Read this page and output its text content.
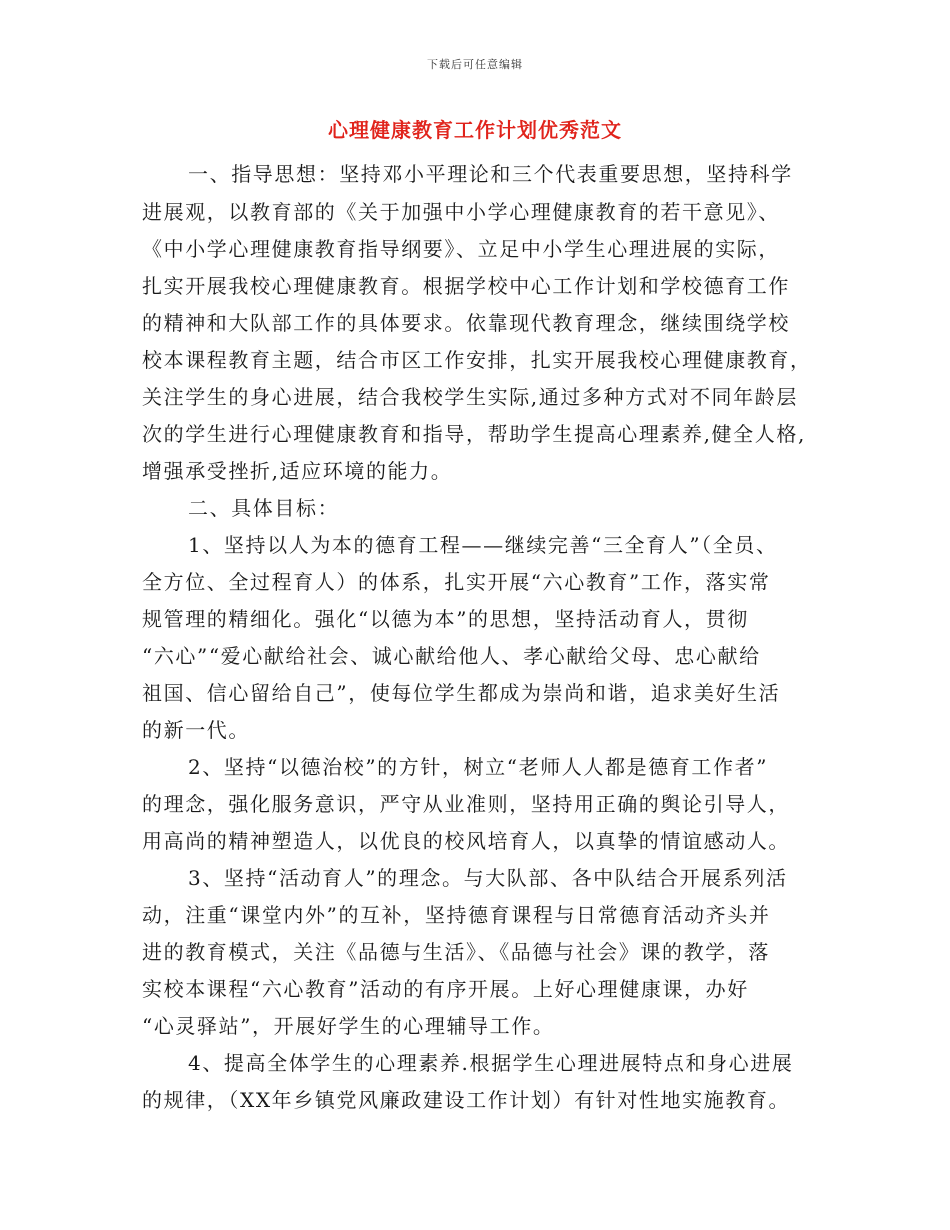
下载后可任意编辑
心理健康教育工作计划优秀范文
一、指导思想：坚持邓小平理论和三个代表重要思想，坚持科学
进展观，以教育部的《关于加强中小学心理健康教育的若干意见》、
《中小学心理健康教育指导纲要》、立足中小学生心理进展的实际，
扎实开展我校心理健康教育。根据学校中心工作计划和学校德育工作
的精神和大队部工作的具体要求。依靠现代教育理念，继续围绕学校
校本课程教育主题，结合市区工作安排，扎实开展我校心理健康教育，
关注学生的身心进展，结合我校学生实际,通过多种方式对不同年龄层
次的学生进行心理健康教育和指导，帮助学生提高心理素养,健全人格,
增强承受挫折,适应环境的能力。
二、具体目标：
1、坚持以人为本的德育工程——继续完善“三全育人”（全员、
全方位、全过程育人）的体系，扎实开展“六心教育”工作，落实常
规管理的精细化。强化“以德为本”的思想，坚持活动育人，贯彻
“六心”“爱心献给社会、诚心献给他人、孝心献给父母、忠心献给
祖国、信心留给自己”，使每位学生都成为崇尚和谐，追求美好生活
的新一代。
2、坚持“以德治校”的方针，树立“老师人人都是德育工作者”
的理念，强化服务意识，严守从业准则，坚持用正确的舆论引导人，
用高尚的精神塑造人，以优良的校风培育人，以真挚的情谊感动人。
3、坚持“活动育人”的理念。与大队部、各中队结合开展系列活
动，注重“课堂内外”的互补，坚持德育课程与日常德育活动齐头并
进的教育模式，关注《品德与生活》、《品德与社会》课的教学，落
实校本课程“六心教育”活动的有序开展。上好心理健康课，办好
“心灵驿站”，开展好学生的心理辅导工作。
4、提高全体学生的心理素养.根据学生心理进展特点和身心进展
的规律，（XX年乡镇党风廉政建设工作计划）有针对性地实施教育。
